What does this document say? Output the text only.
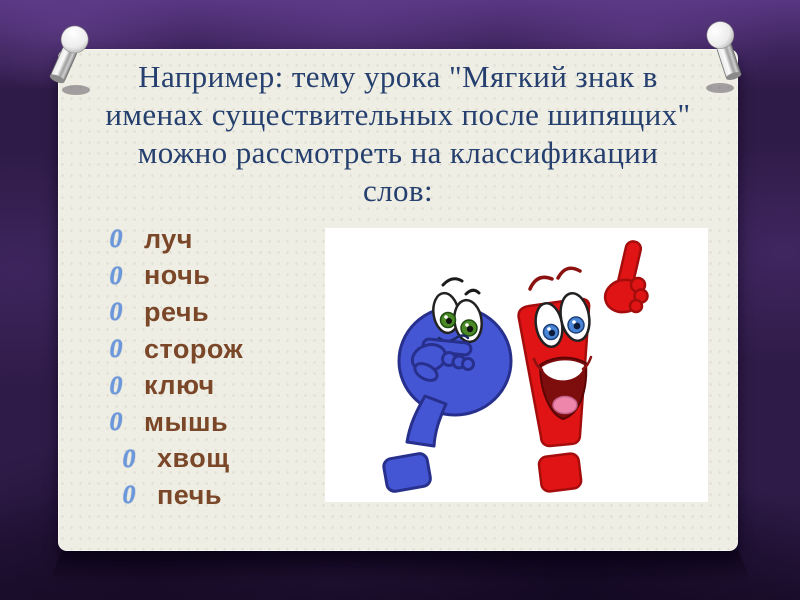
Например: тему урока "Мягкий знак в
именах существительных после шипящих"
можно рассмотреть на классификации
слов:
0 луч
0 ночь
0 речь
0 сторож
0 ключ
0 мышь
0 хвощ
0 печь
